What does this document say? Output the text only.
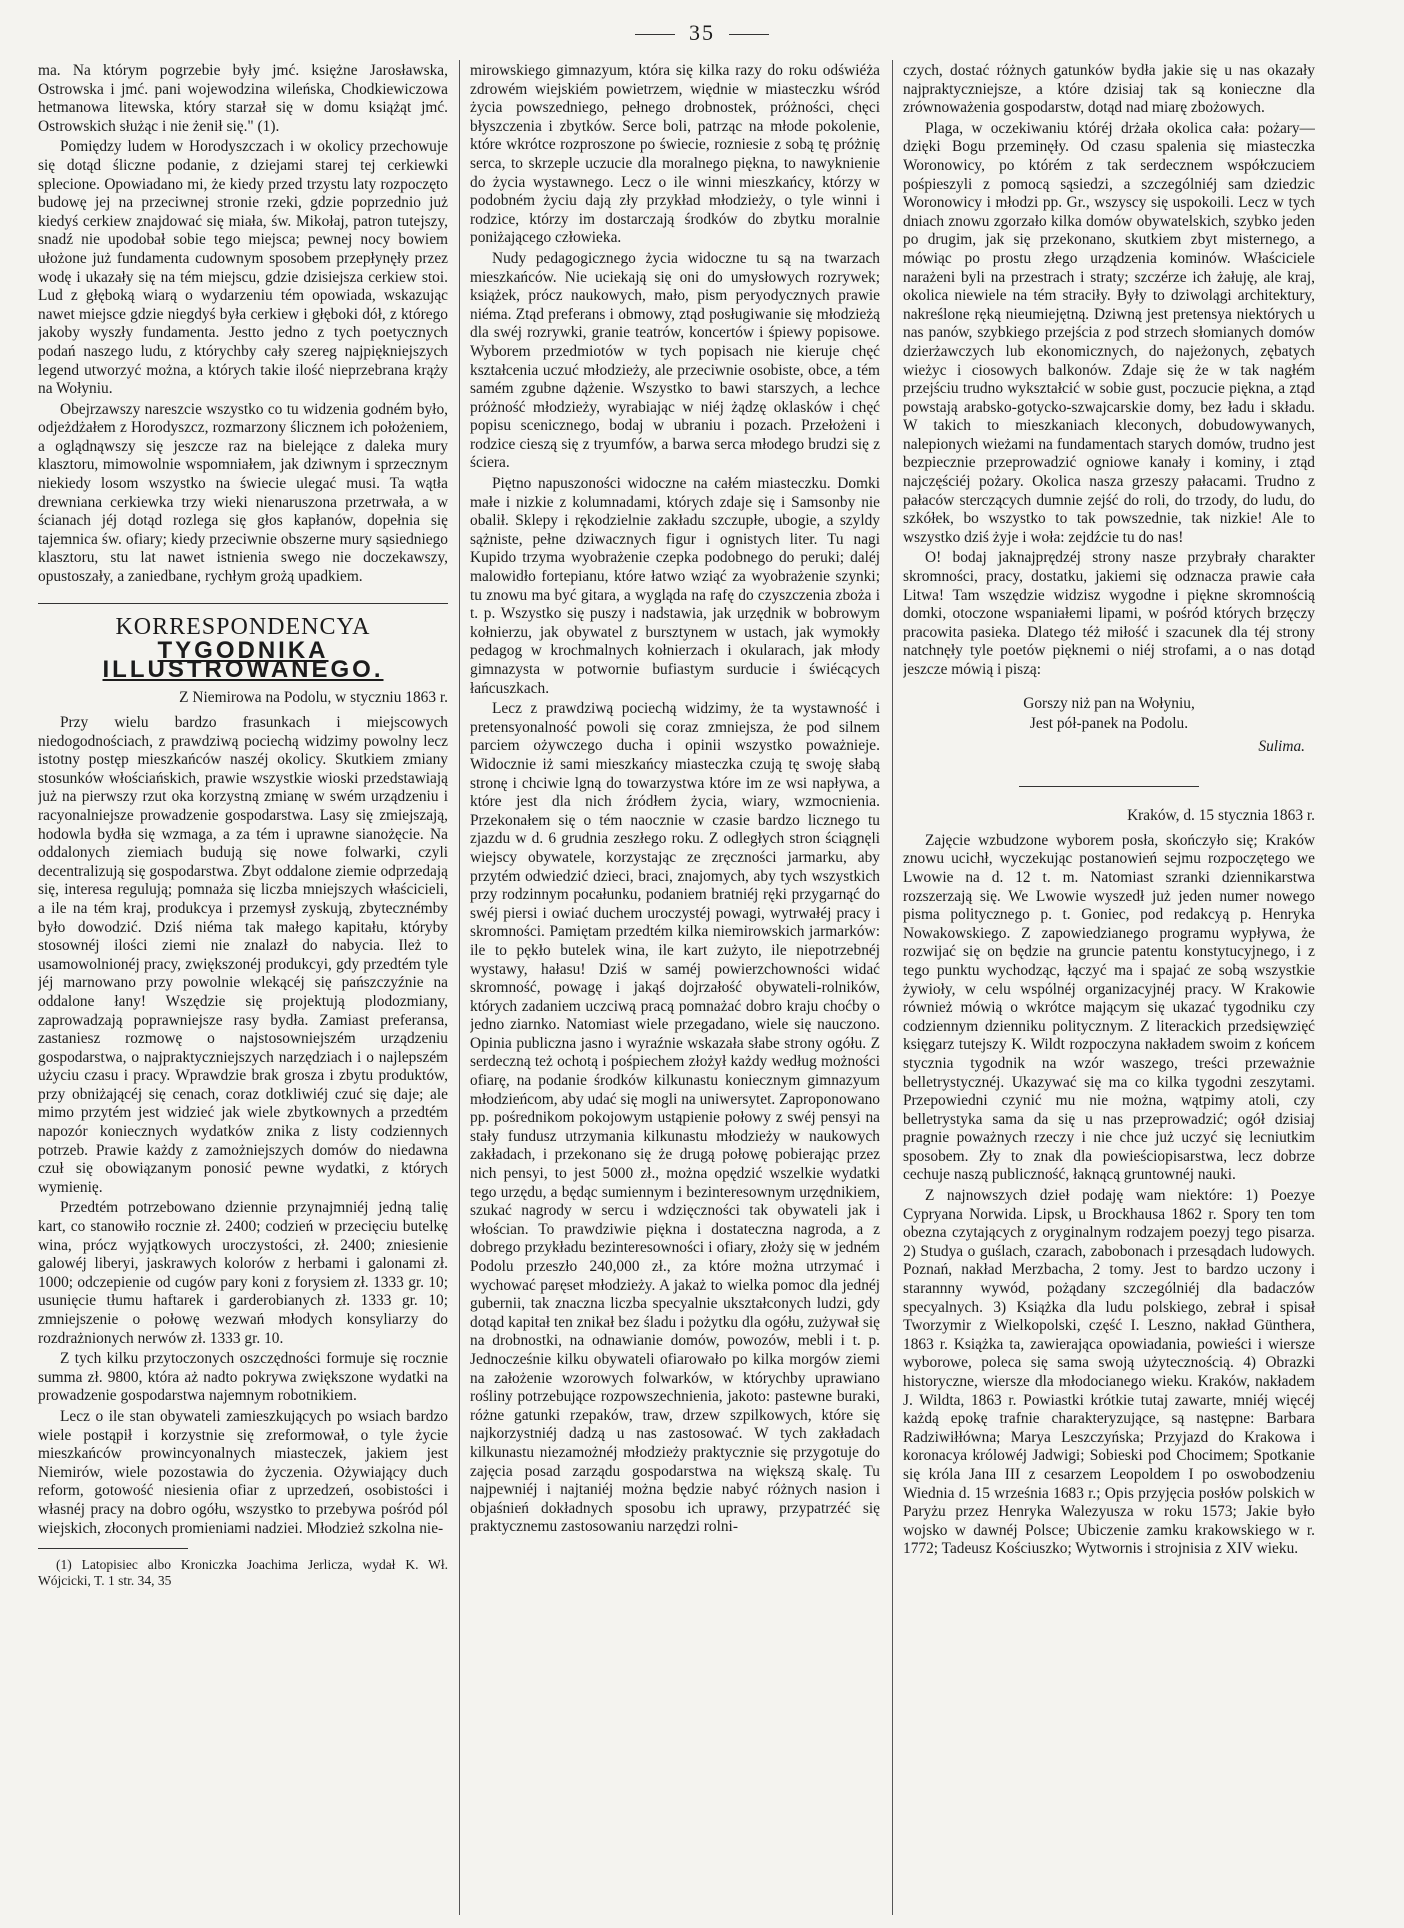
35

ma. Na którym pogrzebie były jmć. księżne Jarosławska, Ostrowska i jmć. pani wojewodzina wileńska, Chodkiewiczowa hetmanowa litewska, który starzał się w domu książąt jmć. Ostrowskich służąc i nie żenił się." (1).

Pomiędzy ludem w Horodyszczach i w okolicy przechowuje się dotąd śliczne podanie, z dziejami starej tej cerkiewki splecione. Opowiadano mi, że kiedy przed trzystu laty rozpoczęto budowę jej na przeciwnej stronie rzeki, gdzie poprzednio już kiedyś cerkiew znajdować się miała, św. Mikołaj, patron tutejszy, snadź nie upodobał sobie tego miejsca; pewnej nocy bowiem ułożone już fundamenta cudownym sposobem przepłynęły przez wodę i ukazały się na tém miejscu, gdzie dzisiejsza cerkiew stoi. Lud z głęboką wiarą o wydarzeniu tém opowiada, wskazując nawet miejsce gdzie niegdyś była cerkiew i głęboki dół, z którego jakoby wyszły fundamenta. Jestto jedno z tych poetycznych podań naszego ludu, z którychby cały szereg najpiękniejszych legend utworzyć można, a których takie ilość nieprzebrana krąży na Wołyniu.

Obejrzawszy nareszcie wszystko co tu widzenia godném było, odjeżdżałem z Horodyszcz, rozmarzony ślicznem ich położeniem, a oglądnąwszy się jeszcze raz na bielejące z daleka mury klasztoru, mimowolnie wspomniałem, jak dziwnym i sprzecznym niekiedy losom wszystko na świecie ulegać musi. Ta wątła drewniana cerkiewka trzy wieki nienaruszona przetrwała, a w ścianach jéj dotąd rozlega się głos kapłanów, dopełnia się tajemnica św. ofiary; kiedy przeciwnie obszerne mury sąsiedniego klasztoru, stu lat nawet istnienia swego nie doczekawszy, opustoszały, a zaniedbane, rychłym grożą upadkiem.

KORRESPONDENCYA
TYGODNIKA ILLUSTROWANEGO.
Z Niemirowa na Podolu, w styczniu 1863 r.

Przy wielu bardzo frasunkach i miejscowych niedogodnościach, z prawdziwą pociechą widzimy powolny lecz istotny postęp mieszkańców naszéj okolicy. Skutkiem zmiany stosunków włościańskich, prawie wszystkie wioski przedstawiają już na pierwszy rzut oka korzystną zmianę w swém urządzeniu i racyonalniejsze prowadzenie gospodarstwa. Lasy się zmiejszają, hodowla bydła się wzmaga, a za tém i uprawne sianożęcie. Na oddalonych ziemiach budują się nowe folwarki, czyli decentralizują się gospodarstwa. Zbyt oddalone ziemie odprzedają się, interesa regulują; pomnaża się liczba mniejszych właścicieli, a ile na tém kraj, produkcya i przemysł zyskują, zbytecznémby było dowodzić. Dziś niéma tak małego kapitału, któryby stosownéj ilości ziemi nie znalazł do nabycia. Ileż to usamowolnionéj pracy, zwiększonéj produkcyi, gdy przedtém tyle jéj marnowano przy powolnie wlekącéj się pańszczyźnie na oddalone łany! Wszędzie się projektują plodozmiany, zaprowadzają poprawniejsze rasy bydła. Zamiast preferansa, zastaniesz rozmowę o najstosowniejszém urządzeniu gospodarstwa, o najpraktyczniejszych narzędziach i o najlepszém użyciu czasu i pracy. Wprawdzie brak grosza i zbytu produktów, przy obniżającéj się cenach, coraz dotkliwiéj czuć się daje; ale mimo przytém jest widzieć jak wiele zbytkownych a przedtém napozór koniecznych wydatków znika z listy codziennych potrzeb. Prawie każdy z zamożniejszych domów do niedawna czuł się obowiązanym ponosić pewne wydatki, z których wymienię.

Przedtém potrzebowano dziennie przynajmniéj jedną talię kart, co stanowiło rocznie zł. 2400; codzień w przecięciu butelkę wina, prócz wyjątkowych uroczystości, zł. 2400; zniesienie galowéj liberyi, jaskrawych kolorów z herbami i galonami zł. 1000; odczepienie od cugów pary koni z forysiem zł. 1333 gr. 10; usunięcie tłumu haftarek i garderobianych zł. 1333 gr. 10; zmniejszenie o połowę wezwań młodych konsyliarzy do rozdrażnionych nerwów zł. 1333 gr. 10.

Z tych kilku przytoczonych oszczędności formuje się rocznie summa zł. 9800, która aż nadto pokrywa zwiększone wydatki na prowadzenie gospodarstwa najemnym robotnikiem.

Lecz o ile stan obywateli zamieszkujących po wsiach bardzo wiele postąpił i korzystnie się zreformował, o tyle życie mieszkańców prowincyonalnych miasteczek, jakiem jest Niemirów, wiele pozostawia do życzenia. Ożywiający duch reform, gotowość niesienia ofiar z uprzedzeń, osobistości i własnéj pracy na dobro ogółu, wszystko to przebywa pośród pól wiejskich, złoconych promieniami nadziei. Młodzież szkolna nie-

(1) Latopisiec albo Kroniczka Joachima Jerlicza, wydał K. Wł. Wójcicki, T. 1 str. 34, 35

mirowskiego gimnazyum, która się kilka razy do roku odświéża zdrowém wiejskiém powietrzem, więdnie w miasteczku wśród życia powszedniego, pełnego drobnostek, próżności, chęci błyszczenia i zbytków. Serce boli, patrząc na młode pokolenie, które wkrótce rozproszone po świecie, rozniesie z sobą tę próżnię serca, to skrzeple uczucie dla moralnego piękna, to nawyknienie do życia wystawnego. Lecz o ile winni mieszkańcy, którzy w podobném życiu dają zły przykład młodzieży, o tyle winni i rodzice, którzy im dostarczają środków do zbytku moralnie poniżającego człowieka.

Nudy pedagogicznego życia widoczne tu są na twarzach mieszkańców. Nie uciekają się oni do umysłowych rozrywek; książek, prócz naukowych, mało, pism peryodycznych prawie niéma. Ztąd preferans i obmowy, ztąd posługiwanie się młodzieżą dla swéj rozrywki, granie teatrów, koncertów i śpiewy popisowe. Wyborem przedmiotów w tych popisach nie kieruje chęć kształcenia uczuć młodzieży, ale przeciwnie osobiste, obce, a tém samém zgubne dążenie. Wszystko to bawi starszych, a lechce próżność młodzieży, wyrabiając w niéj żądzę oklasków i chęć popisu scenicznego, bodaj w ubraniu i pozach. Przełożeni i rodzice cieszą się z tryumfów, a barwa serca młodego brudzi się z ściera.

Piętno napuszoności widoczne na całém miasteczku. Domki małe i nizkie z kolumnadami, których zdaje się i Samsonby nie obalił. Sklepy i rękodzielnie zakładu szczupłe, ubogie, a szyldy sążniste, pełne dziwacznych figur i ognistych liter. Tu nagi Kupido trzyma wyobrażenie czepka podobnego do peruki; daléj malowidło fortepianu, które łatwo wziąć za wyobrażenie szynki; tu znowu ma być gitara, a wygląda na rafę do czyszczenia zboża i t. p. Wszystko się puszy i nadstawia, jak urzędnik w bobrowym kołnierzu, jak obywatel z bursztynem w ustach, jak wymokły pedagog w krochmalnych kołnierzach i okularach, jak młody gimnazysta w potwornie bufiastym surducie i świécących łańcuszkach.

Lecz z prawdziwą pociechą widzimy, że ta wystawność i pretensyonalność powoli się coraz zmniejsza, że pod silnem parciem ożywczego ducha i opinii wszystko poważnieje. Widocznie iż sami mieszkańcy miasteczka czują tę swoję słabą stronę i chciwie lgną do towarzystwa które im ze wsi napływa, a które jest dla nich źródłem życia, wiary, wzmocnienia. Przekonałem się o tém naocznie w czasie bardzo licznego tu zjazdu w d. 6 grudnia zeszłego roku. Z odległych stron ściągnęli wiejscy obywatele, korzystając ze zręczności jarmarku, aby przytém odwiedzić dzieci, braci, znajomych, aby tych wszystkich przy rodzinnym pocałunku, podaniem bratniéj ręki przygarnąć do swéj piersi i owiać duchem uroczystéj powagi, wytrwałéj pracy i skromności. Pamiętam przedtém kilka niemirowskich jarmarków: ile to pękło butelek wina, ile kart zużyto, ile niepotrzebnéj wystawy, hałasu! Dziś w saméj powierzchowności widać skromność, powagę i jakąś dojrzałość obywateli-rolników, których zadaniem uczciwą pracą pomnażać dobro kraju choćby o jedno ziarnko. Natomiast wiele przegadano, wiele się nauczono. Opinia publiczna jasno i wyraźnie wskazała słabe strony ogółu. Z serdeczną też ochotą i pośpiechem złożył każdy według możności ofiarę, na podanie środków kilkunastu koniecznym gimnazyum młodzieńcom, aby udać się mogli na uniwersytet. Zaproponowano pp. pośrednikom pokojowym ustąpienie połowy z swéj pensyi na stały fundusz utrzymania kilkunastu młodzieży w naukowych zakładach, i przekonano się że drugą połowę pobierając przez nich pensyi, to jest 5000 zł., można opędzić wszelkie wydatki tego urzędu, a będąc sumiennym i bezinteresownym urzędnikiem, szukać nagrody w sercu i wdzięczności tak obywateli jak i włościan. To prawdziwie piękna i dostateczna nagroda, a z dobrego przykładu bezinteresowności i ofiary, złoży się w jedném Podolu przeszło 240,000 zł., za które można utrzymać i wychować paręset młodzieży. A jakaż to wielka pomoc dla jednéj gubernii, tak znaczna liczba specyalnie ukształconych ludzi, gdy dotąd kapitał ten znikał bez śladu i pożytku dla ogółu, zużywał się na drobnostki, na odnawianie domów, powozów, mebli i t. p. Jednocześnie kilku obywateli ofiarowało po kilka morgów ziemi na założenie wzorowych folwarków, w którychby uprawiano rośliny potrzebujące rozpowszechnienia, jakoto: pastewne buraki, różne gatunki rzepaków, traw, drzew szpilkowych, które się najkorzystniéj dadzą u nas zastosować. W tych zakładach kilkunastu niezamożnéj młodzieży praktycznie się przygotuje do zajęcia posad zarządu gospodarstwa na większą skalę. Tu najpewniéj i najtaniéj można będzie nabyć różnych nasion i objaśnień dokładnych sposobu ich uprawy, przypatrzéć się praktycznemu zastosowaniu narzędzi rolni-

czych, dostać różnych gatunków bydła jakie się u nas okazały najpraktyczniejsze, a które dzisiaj tak są konieczne dla zrównoważenia gospodarstw, dotąd nad miarę zbożowych.

Plaga, w oczekiwaniu któréj drżała okolica cała: pożary—dzięki Bogu przeminęły. Od czasu spalenia się miasteczka Woronowicy, po którém z tak serdecznem współczuciem pośpieszyli z pomocą sąsiedzi, a szczególniéj sam dziedzic Woronowicy i młodzi pp. Gr., wszyscy się uspokoili. Lecz w tych dniach znowu zgorzało kilka domów obywatelskich, szybko jeden po drugim, jak się przekonano, skutkiem zbyt misternego, a mówiąc po prostu złego urządzenia kominów. Właściciele narażeni byli na przestrach i straty; szczérze ich żałuję, ale kraj, okolica niewiele na tém straciły. Były to dziwolągi architektury, nakreślone ręką nieumiejętną. Dziwną jest pretensya niektórych u nas panów, szybkiego przejścia z pod strzech słomianych domów dzierżawczych lub ekonomicznych, do najeżonych, zębatych wieżyc i ciosowych balkonów. Zdaje się że w tak nagłém przejściu trudno wykształcić w sobie gust, poczucie piękna, a ztąd powstają arabsko-gotycko-szwajcarskie domy, bez ładu i składu. W takich to mieszkaniach kleconych, dobudowywanych, nalepionych wieżami na fundamentach starych domów, trudno jest bezpiecznie przeprowadzić ogniowe kanały i kominy, i ztąd najczęściéj pożary. Okolica nasza grzeszy pałacami. Trudno z pałaców sterczących dumnie zejść do roli, do trzody, do ludu, do szkółek, bo wszystko to tak powszednie, tak nizkie! Ale to wszystko dziś żyje i woła: zejdźcie tu do nas!

O! bodaj jaknajprędzéj strony nasze przybrały charakter skromności, pracy, dostatku, jakiemi się odznacza prawie cała Litwa! Tam wszędzie widzisz wygodne i piękne skromnością domki, otoczone wspaniałemi lipami, w pośród których brzęczy pracowita pasieka. Dlatego téż miłość i szacunek dla téj strony natchnęły tyle poetów pięknemi o niéj strofami, a o nas dotąd jeszcze mówią i piszą:

Gorszy niż pan na Wołyniu,
Jest pół-panek na Podolu.
Sulima.
Kraków, d. 15 stycznia 1863 r.

Zajęcie wzbudzone wyborem posła, skończyło się; Kraków znowu ucichł, wyczekując postanowień sejmu rozpoczętego we Lwowie na d. 12 t. m. Natomiast szranki dziennikarstwa rozszerzają się. We Lwowie wyszedł już jeden numer nowego pisma politycznego p. t. Goniec, pod redakcyą p. Henryka Nowakowskiego. Z zapowiedzianego programu wypływa, że rozwijać się on będzie na gruncie patentu konstytucyjnego, i z tego punktu wychodząc, łączyć ma i spajać ze sobą wszystkie żywioły, w celu wspólnéj organizacyjnéj pracy. W Krakowie również mówią o wkrótce mającym się ukazać tygodniku czy codziennym dzienniku politycznym. Z literackich przedsięwzięć księgarz tutejszy K. Wildt rozpoczyna nakładem swoim z końcem stycznia tygodnik na wzór waszego, treści przeważnie belletrystycznéj. Ukazywać się ma co kilka tygodni zeszytami. Przepowiedni czynić mu nie można, wątpimy atoli, czy belletrystyka sama da się u nas przeprowadzić; ogół dzisiaj pragnie poważnych rzeczy i nie chce już uczyć się lecniutkim sposobem. Zły to znak dla powieściopisarstwa, lecz dobrze cechuje naszą publiczność, łaknącą gruntownéj nauki.

Z najnowszych dzieł podaję wam niektóre: 1) Poezye Cypryana Norwida. Lipsk, u Brockhausa 1862 r. Spory ten tom obezna czytających z oryginalnym rodzajem poezyj tego pisarza. 2) Studya o guślach, czarach, zabobonach i przesądach ludowych. Poznań, nakład Merzbacha, 2 tomy. Jest to bardzo uczony i starannny wywód, pożądany szczególniéj dla badaczów specyalnych. 3) Książka dla ludu polskiego, zebrał i spisał Tworzymir z Wielkopolski, część I. Leszno, nakład Günthera, 1863 r. Książka ta, zawierająca opowiadania, powieści i wiersze wyborowe, poleca się sama swoją użytecznością. 4) Obrazki historyczne, wiersze dla młodocianego wieku. Kraków, nakładem J. Wildta, 1863 r. Powiastki krótkie tutaj zawarte, mniéj więcéj każdą epokę trafnie charakteryzujące, są następne: Barbara Radziwiłłówna; Marya Leszczyńska; Przyjazd do Krakowa i koronacya królowéj Jadwigi; Sobieski pod Chocimem; Spotkanie się króla Jana III z cesarzem Leopoldem I po oswobodzeniu Wiednia d. 15 września 1683 r.; Opis przyjęcia posłów polskich w Paryżu przez Henryka Walezyusza w roku 1573; Jakie było wojsko w dawnéj Polsce; Ubiczenie zamku krakowskiego w r. 1772; Tadeusz Kościuszko; Wytwornis i strojnisia z XIV wieku.
